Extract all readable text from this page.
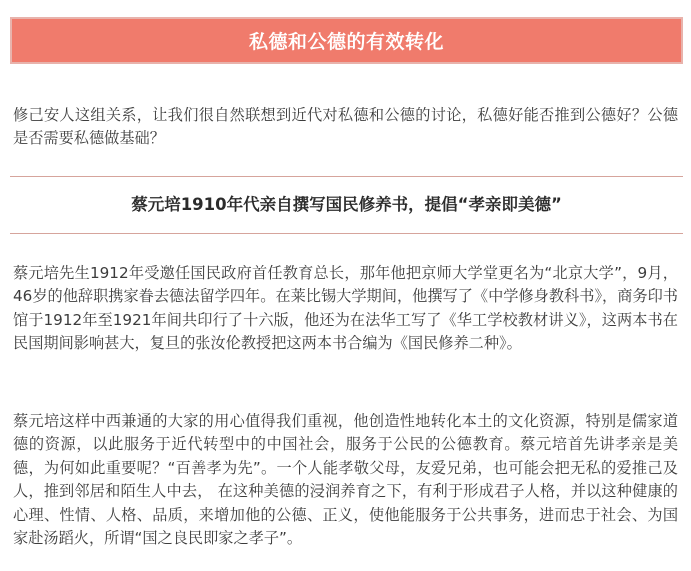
私德和公德的有效转化

修己安人这组关系，让我们很自然联想到近代对私德和公德的讨论，私德好能否推到公德好？公德是否需要私德做基础？

蔡元培1910年代亲自撰写国民修养书，提倡“孝亲即美德”

蔡元培先生1912年受邀任国民政府首任教育总长，那年他把京师大学堂更名为“北京大学”，9月，46岁的他辞职携家眷去德法留学四年。在莱比锡大学期间，他撰写了《中学修身教科书》，商务印书馆于1912年至1921年间共印行了十六版，他还为在法华工写了《华工学校教材讲义》，这两本书在民国期间影响甚大，复旦的张汝伦教授把这两本书合编为《国民修养二种》。

蔡元培这样中西兼通的大家的用心值得我们重视，他创造性地转化本土的文化资源，特别是儒家道德的资源，以此服务于近代转型中的中国社会，服务于公民的公德教育。蔡元培首先讲孝亲是美德，为何如此重要呢？“百善孝为先”。一个人能孝敬父母，友爱兄弟，也可能会把无私的爱推己及人，推到邻居和陌生人中去， 在这种美德的浸润养育之下，有利于形成君子人格，并以这种健康的心理、性情、人格、品质，来增加他的公德、正义，使他能服务于公共事务，进而忠于社会、为国家赴汤蹈火，所谓“国之良民即家之孝子”。
